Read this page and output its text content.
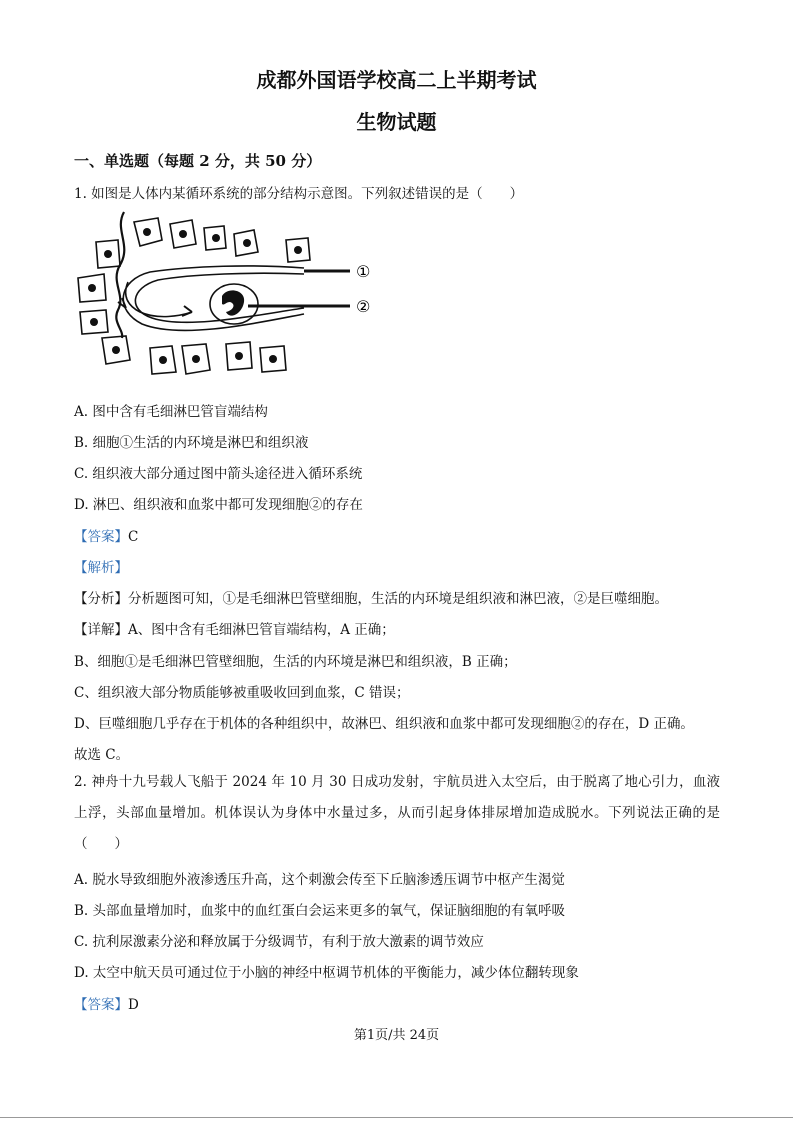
成都外国语学校高二上半期考试
生物试题
一、单选题（每题 2 分，共 50 分）
1. 如图是人体内某循环系统的部分结构示意图。下列叙述错误的是（　　）
①
②
A. 图中含有毛细淋巴管盲端结构
B. 细胞①生活的内环境是淋巴和组织液
C. 组织液大部分通过图中箭头途径进入循环系统
D. 淋巴、组织液和血浆中都可发现细胞②的存在
【答案】C
【解析】
【分析】分析题图可知，①是毛细淋巴管壁细胞，生活的内环境是组织液和淋巴液，②是巨噬细胞。
【详解】A、图中含有毛细淋巴管盲端结构，A 正确；
B、细胞①是毛细淋巴管壁细胞，生活的内环境是淋巴和组织液，B 正确；
C、组织液大部分物质能够被重吸收回到血浆，C 错误；
D、巨噬细胞几乎存在于机体的各种组织中，故淋巴、组织液和血浆中都可发现细胞②的存在，D 正确。
故选 C。
2. 神舟十九号载人飞船于 2024 年 10 月 30 日成功发射，宇航员进入太空后，由于脱离了地心引力，血液上浮，头部血量增加。机体误认为身体中水量过多，从而引起身体排尿增加造成脱水。下列说法正确的是（　　）
A. 脱水导致细胞外液渗透压升高，这个刺激会传至下丘脑渗透压调节中枢产生渴觉
B. 头部血量增加时，血浆中的血红蛋白会运来更多的氧气，保证脑细胞的有氧呼吸
C. 抗利尿激素分泌和释放属于分级调节，有利于放大激素的调节效应
D. 太空中航天员可通过位于小脑的神经中枢调节机体的平衡能力，减少体位翻转现象
【答案】D
第1页/共 24页
